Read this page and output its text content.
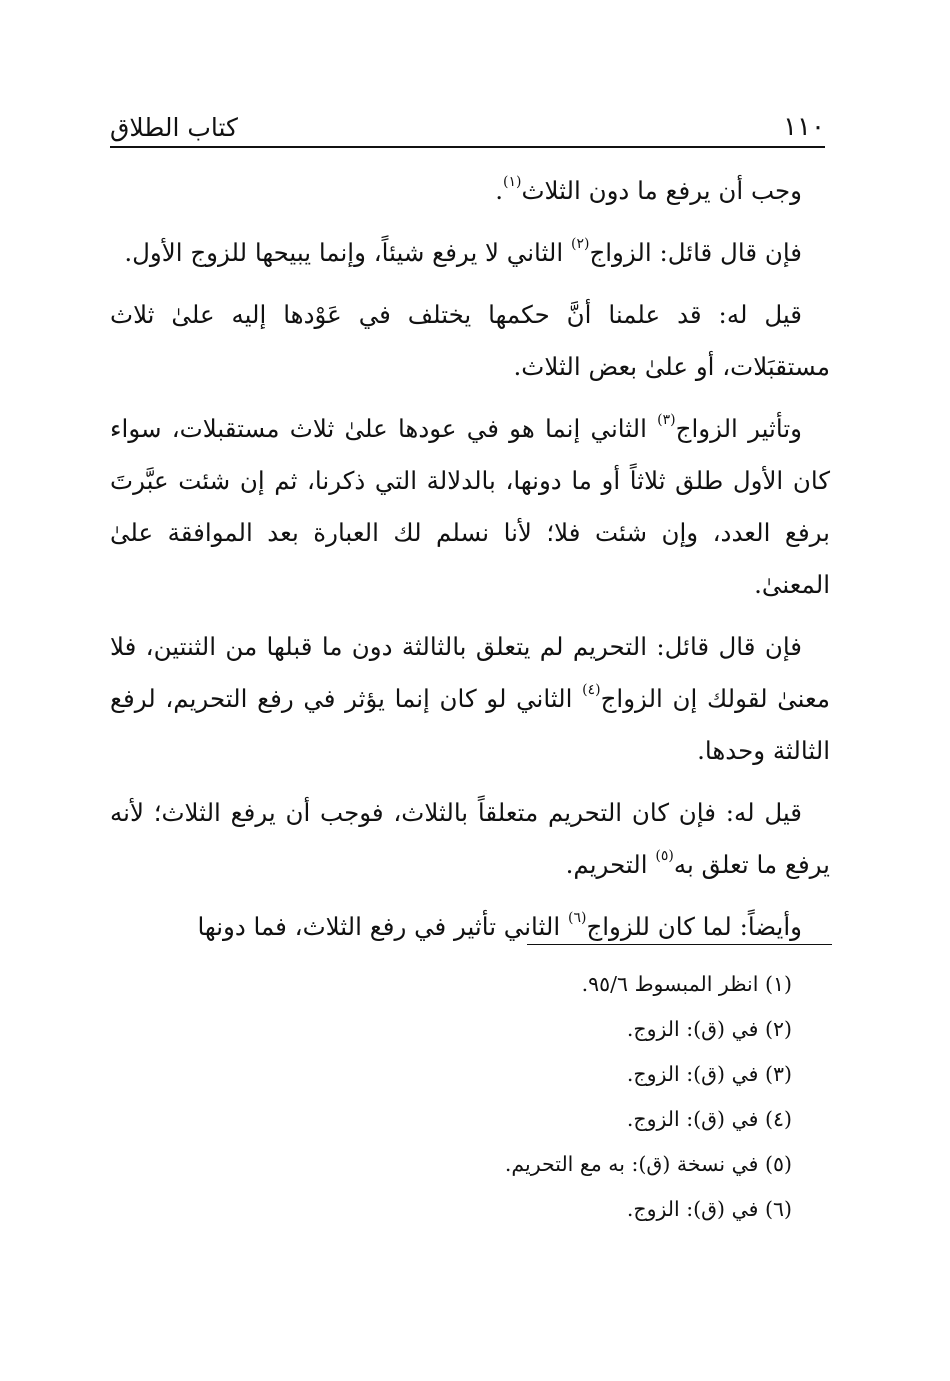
١١٠
كتاب الطلاق

وجب أن يرفع ما دون الثلاث$^{(١)}$.

فإن قال قائل: الزواج$^{(٢)}$ الثاني لا يرفع شيئاً، وإنما يبيحها للزوج الأول.

قيل له: قد علمنا أنَّ حكمها يختلف في عَوْدها إليه علىٰ ثلاث مستقبَلات، أو علىٰ بعض الثلاث.

وتأثير الزواج$^{(٣)}$ الثاني إنما هو في عودها علىٰ ثلاث مستقبلات، سواء كان الأول طلق ثلاثاً أو ما دونها، بالدلالة التي ذكرنا، ثم إن شئت عبَّرتَ برفع العدد، وإن شئت فلا؛ لأنا نسلم لك العبارة بعد الموافقة علىٰ المعنىٰ.

فإن قال قائل: التحريم لم يتعلق بالثالثة دون ما قبلها من الثنتين، فلا معنىٰ لقولك إن الزواج$^{(٤)}$ الثاني لو كان إنما يؤثر في رفع التحريم، لرفع الثالثة وحدها.

قيل له: فإن كان التحريم متعلقاً بالثلاث، فوجب أن يرفع الثلاث؛ لأنه يرفع ما تعلق به$^{(٥)}$ التحريم.

وأيضاً: لما كان للزواج$^{(٦)}$ الثاني تأثير في رفع الثلاث، فما دونها

(١) انظر المبسوط ٩٥/٦.
(٢) في (ق): الزوج.
(٣) في (ق): الزوج.
(٤) في (ق): الزوج.
(٥) في نسخة (ق): به مع التحريم.
(٦) في (ق): الزوج.
